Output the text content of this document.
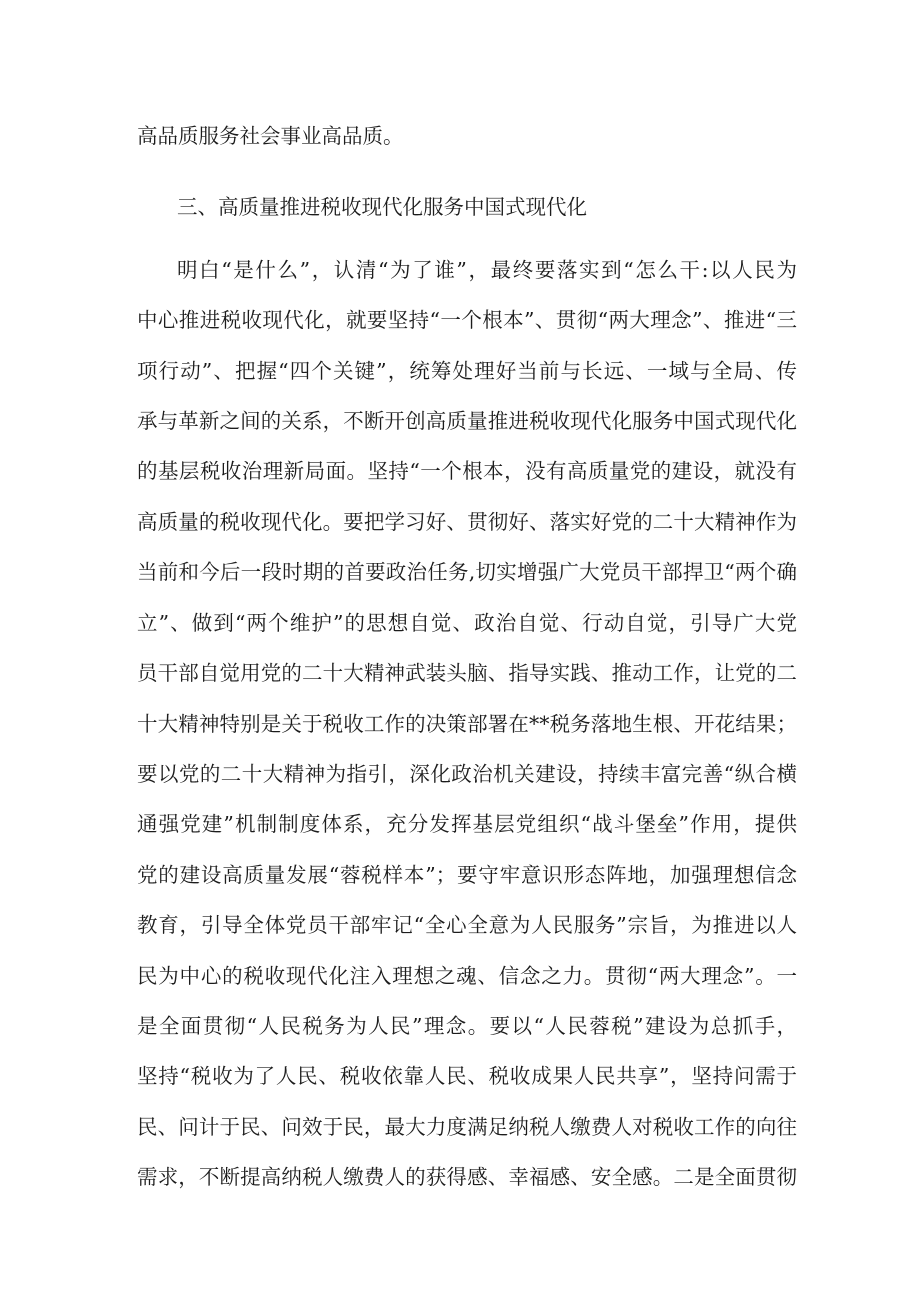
高品质服务社会事业高品质。
三、高质量推进税收现代化服务中国式现代化
明白“是什么”，认清“为了谁”，最终要落实到“怎么干:以人民为
中心推进税收现代化，就要坚持“一个根本”、贯彻“两大理念”、推进“三
项行动”、把握“四个关键”，统筹处理好当前与长远、一域与全局、传
承与革新之间的关系，不断开创高质量推进税收现代化服务中国式现代化
的基层税收治理新局面。坚持“一个根本，没有高质量党的建设，就没有
高质量的税收现代化。要把学习好、贯彻好、落实好党的二十大精神作为
当前和今后一段时期的首要政治任务,切实增强广大党员干部捍卫“两个确
立”、做到“两个维护”的思想自觉、政治自觉、行动自觉，引导广大党
员干部自觉用党的二十大精神武装头脑、指导实践、推动工作，让党的二
十大精神特别是关于税收工作的决策部署在**税务落地生根、开花结果；
要以党的二十大精神为指引，深化政治机关建设，持续丰富完善“纵合横
通强党建”机制制度体系，充分发挥基层党组织“战斗堡垒”作用，提供
党的建设高质量发展“蓉税样本”；要守牢意识形态阵地，加强理想信念
教育，引导全体党员干部牢记“全心全意为人民服务”宗旨，为推进以人
民为中心的税收现代化注入理想之魂、信念之力。贯彻“两大理念”。一
是全面贯彻“人民税务为人民”理念。要以“人民蓉税”建设为总抓手，
坚持“税收为了人民、税收依靠人民、税收成果人民共享”，坚持问需于
民、问计于民、问效于民，最大力度满足纳税人缴费人对税收工作的向往
需求，不断提高纳税人缴费人的获得感、幸福感、安全感。二是全面贯彻
